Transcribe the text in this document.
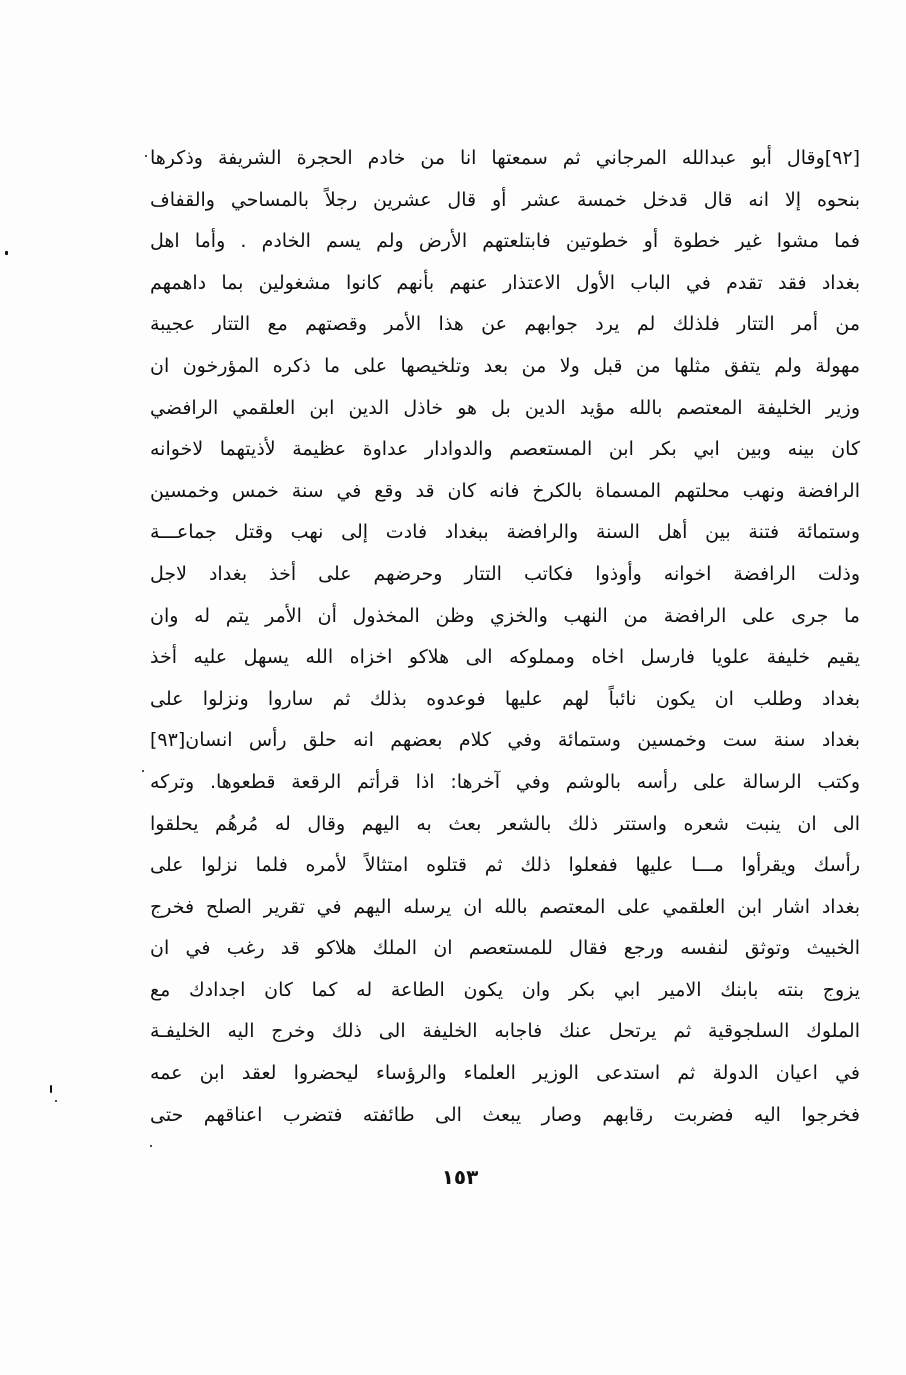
[٩٢]وقال أبو عبدالله المرجاني ثم سمعتها انا من خادم الحجرة الشريفة وذكرها
بنحوه إلا انه قال قدخل خمسة عشر أو قال عشرين رجلاً بالمساحي والقفاف
فما مشوا غير خطوة أو خطوتين فابتلعتهم الأرض ولم يسم الخادم . وأما اهل
بغداد فقد تقدم في الباب الأول الاعتذار عنهم بأنهم كانوا مشغولين بما داهمهم
من أمر التتار فلذلك لم يرد جوابهم عن هذا الأمر وقصتهم مع التتار عجيبة
مهولة ولم يتفق مثلها من قبل ولا من بعد وتلخيصها على ما ذكره المؤرخون ان
وزير الخليفة المعتصم بالله مؤيد الدين بل هو خاذل الدين ابن العلقمي الرافضي
كان بينه وبين ابي بكر ابن المستعصم والدوادار عداوة عظيمة لأذيتهما لاخوانه
الرافضة ونهب محلتهم المسماة بالكرخ فانه كان قد وقع في سنة خمس وخمسين
وستمائة فتنة بين أهل السنة والرافضة ببغداد فادت إلى نهب وقتل جماعـــة
وذلت الرافضة اخوانه وأوذوا فكاتب التتار وحرضهم على أخذ بغداد لاجل
ما جرى على الرافضة من النهب والخزي وظن المخذول أن الأمر يتم له وان
يقيم خليفة علويا فارسل اخاه ومملوكه الى هلاكو اخزاه الله يسهل عليه أخذ
بغداد وطلب ان يكون نائباً لهم عليها فوعدوه بذلك ثم ساروا ونزلوا على
بغداد سنة ست وخمسين وستمائة وفي كلام بعضهم انه حلق رأس انسان[٩٣]
وكتب الرسالة على رأسه بالوشم وفي آخرها: اذا قرأتم الرقعة قطعوها. وتركه
الى ان ينبت شعره واستتر ذلك بالشعر بعث به اليهم وقال له مُرهُم يحلقوا
رأسك ويقرأوا مـــا عليها ففعلوا ذلك ثم قتلوه امتثالاً لأمره فلما نزلوا على
بغداد اشار ابن العلقمي على المعتصم بالله ان يرسله اليهم في تقرير الصلح فخرج
الخبيث وتوثق لنفسه ورجع فقال للمستعصم ان الملك هلاكو قد رغب في ان
يزوج بنته بابنك الامير ابي بكر وان يكون الطاعة له كما كان اجدادك مع
الملوك السلجوقية ثم يرتحل عنك فاجابه الخليفة الى ذلك وخرج اليه الخليفـة
في اعيان الدولة ثم استدعى الوزير العلماء والرؤساء ليحضروا لعقد ابن عمه
فخرجوا اليه فضربت رقابهم وصار يبعث الى طائفته فتضرب اعناقهم حتى
١٥٣
